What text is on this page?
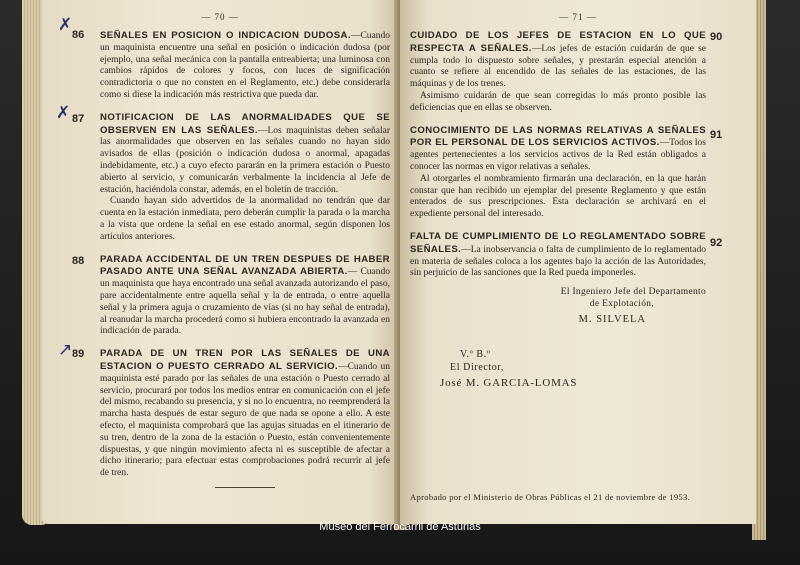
— 70 —
✗ 86
✗ 87
88
↗ 89

SEÑALES EN POSICION O INDICACION DUDOSA.—Cuando un maquinista encuentre una señal en posición o indicación dudosa (por ejemplo, una señal mecánica con la pantalla entreabierta; una luminosa con cambios rápidos de colores y focos, con luces de significación contradictoria o que no consten en el Reglamento, etc.) debe considerarla como si diese la indicación más restrictiva que pueda dar.

NOTIFICACION DE LAS ANORMALIDADES QUE SE OBSERVEN EN LAS SEÑALES.—Los maquinistas deben señalar las anormalidades que observen en las señales cuando no hayan sido avisados de ellas (posición o indicación dudosa o anormal, apagadas indebidamente, etc.) a cuyo efecto pararán en la primera estación o Puesto abierto al servicio, y comunicarán verbalmente la incidencia al Jefe de estación, haciéndola constar, además, en el boletín de tracción.

Cuando hayan sido advertidos de la anormalidad no tendrán que dar cuenta en la estación inmediata, pero deberán cumplir la parada o la marcha a la vista que ordene la señal en ese estado anormal, según disponen los artículos anteriores.

PARADA ACCIDENTAL DE UN TREN DESPUES DE HABER PASADO ANTE UNA SEÑAL AVANZADA ABIERTA.— Cuando un maquinista que haya encontrado una señal avanzada autorizando el paso, pare accidentalmente entre aquella señal y la de entrada, o entre aquella señal y la primera aguja o cruzamiento de vías (si no hay señal de entrada), al reanudar la marcha procederá como si hubiera encontrado la avanzada en indicación de parada.

PARADA DE UN TREN POR LAS SEÑALES DE UNA ESTACION O PUESTO CERRADO AL SERVICIO.—Cuando un maquinista esté parado por las señales de una estación o Puesto cerrado al servicio, procurará por todos los medios entrar en comunicación con el jefe del mismo, recabando su presencia, y si no lo encuentra, no reemprenderá la marcha hasta después de estar seguro de que nada se opone a ello. A este efecto, el maquinista comprobará que las agujas situadas en el itinerario de su tren, dentro de la zona de la estación o Puesto, están convenientemente dispuestas, y que ningún movimiento afecta ni es susceptible de afectar a dicho itinerario; para efectuar estas comprobaciones podrá recurrir al jefe de tren.

— 71 —
90
91
92

CUIDADO DE LOS JEFES DE ESTACION EN LO QUE RESPECTA A SEÑALES.—Los jefes de estación cuidarán de que se cumpla todo lo dispuesto sobre señales, y prestarán especial atención a cuanto se refiere al encendido de las señales de las estaciones, de las máquinas y de los trenes.

Asimismo cuidarán de que sean corregidas lo más pronto posible las deficiencias que en ellas se observen.

CONOCIMIENTO DE LAS NORMAS RELATIVAS A SEÑALES POR EL PERSONAL DE LOS SERVICIOS ACTIVOS.—Todos los agentes pertenecientes a los servicios activos de la Red están obligados a conocer las normas en vigor relativas a señales.

Al otorgarles el nombramiento firmarán una declaración, en la que harán constar que han recibido un ejemplar del presente Reglamento y que están enterados de sus prescripciones. Esta declaración se archivará en el expediente personal del interesado.

FALTA DE CUMPLIMIENTO DE LO REGLAMENTADO SOBRE SEÑALES.—La inobservancia o falta de cumplimiento de lo reglamentado en materia de señales coloca a los agentes bajo la acción de las Autoridades, sin perjuicio de las sanciones que la Red pueda imponerles.

El Ingeniero Jefe del Departamento
de Explotación,
M. SILVELA
V.º B.º
El Director,
José M. GARCIA-LOMAS
Aprobado por el Ministerio de Obras Públicas el 21 de noviembre de 1953.
Museo del Ferrocarril de Asturias
